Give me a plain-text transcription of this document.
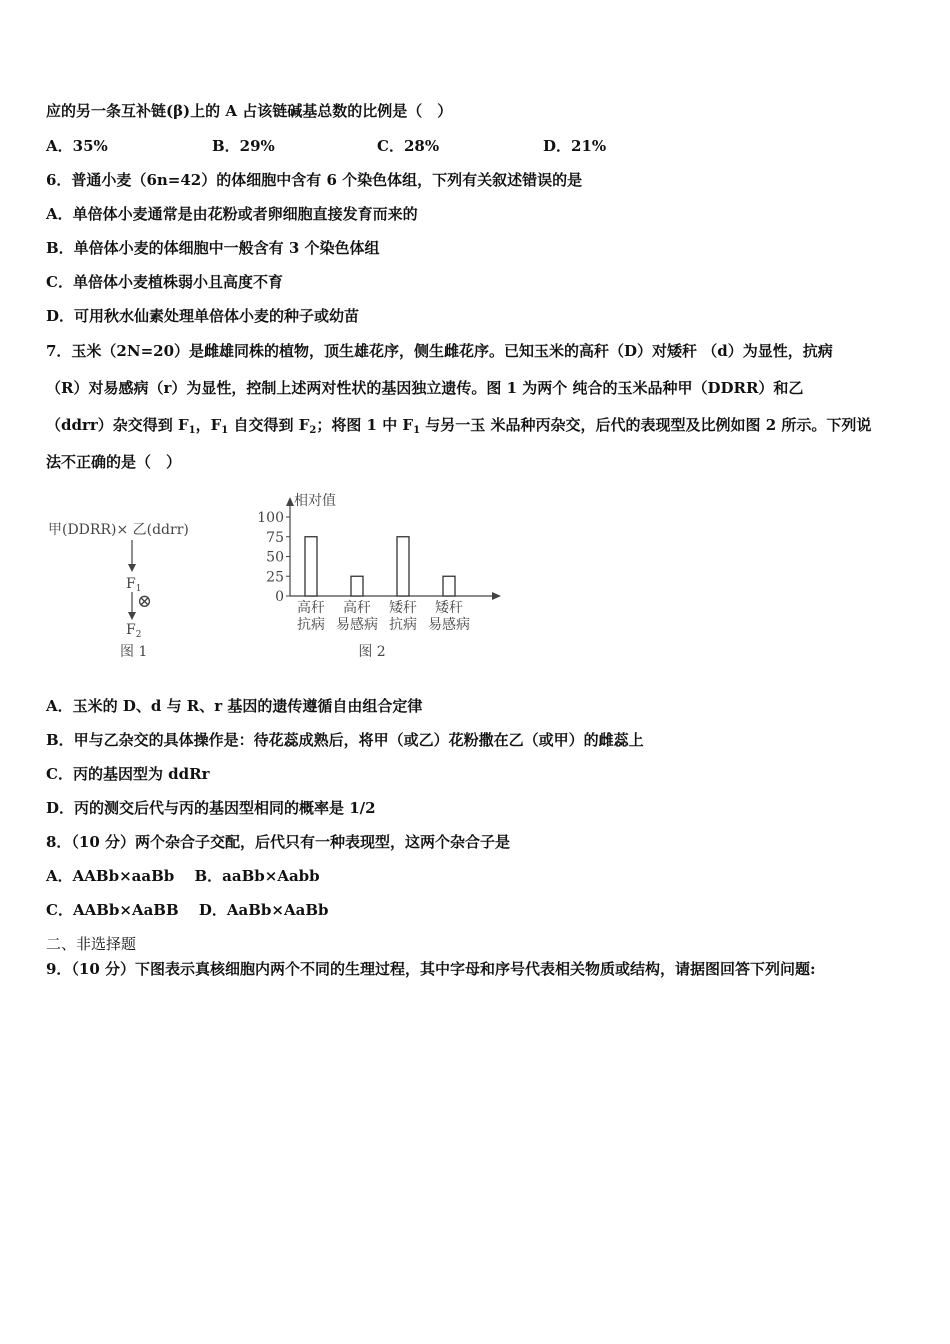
应的另一条互补链(β)上的 A 占该链碱基总数的比例是（　）
A．35%	B．29%	C．28%	D．21%
6．普通小麦（6n=42）的体细胞中含有 6 个染色体组，下列有关叙述错误的是
A．单倍体小麦通常是由花粉或者卵细胞直接发育而来的
B．单倍体小麦的体细胞中一般含有 3 个染色体组
C．单倍体小麦植株弱小且高度不育
D．可用秋水仙素处理单倍体小麦的种子或幼苗
7．玉米（2N=20）是雌雄同株的植物，顶生雄花序，侧生雌花序。已知玉米的高秆（D）对矮秆 （d）为显性，抗病
（R）对易感病（r）为显性，控制上述两对性状的基因独立遗传。图 1 为两个 纯合的玉米品种甲（DDRR）和乙
（ddrr）杂交得到 $F_1$，$F_1$ 自交得到 $F_2$；将图 1 中 $F_1$ 与另一玉 米品种丙杂交，后代的表现型及比例如图 2 所示。下列说
法不正确的是（　）
甲(DDRR)× 乙(ddrr)
$F_1$
⊗
$F_2$
图 1
相对值
0
25
50
75
100
高秆
抗病
高秆
易感病
矮秆
抗病
矮秆
易感病
图 2
A．玉米的 D、d 与 R、r 基因的遗传遵循自由组合定律
B．甲与乙杂交的具体操作是：待花蕊成熟后，将甲（或乙）花粉撒在乙（或甲）的雌蕊上
C．丙的基因型为 ddRr
D．丙的测交后代与丙的基因型相同的概率是 1/2
8．（10 分）两个杂合子交配，后代只有一种表现型，这两个杂合子是
A．AABb×aaBb　 B．aaBb×Aabb
C．AABb×AaBB　 D．AaBb×AaBb
二、非选择题
9．（10 分）下图表示真核细胞内两个不同的生理过程，其中字母和序号代表相关物质或结构，请据图回答下列问题:
